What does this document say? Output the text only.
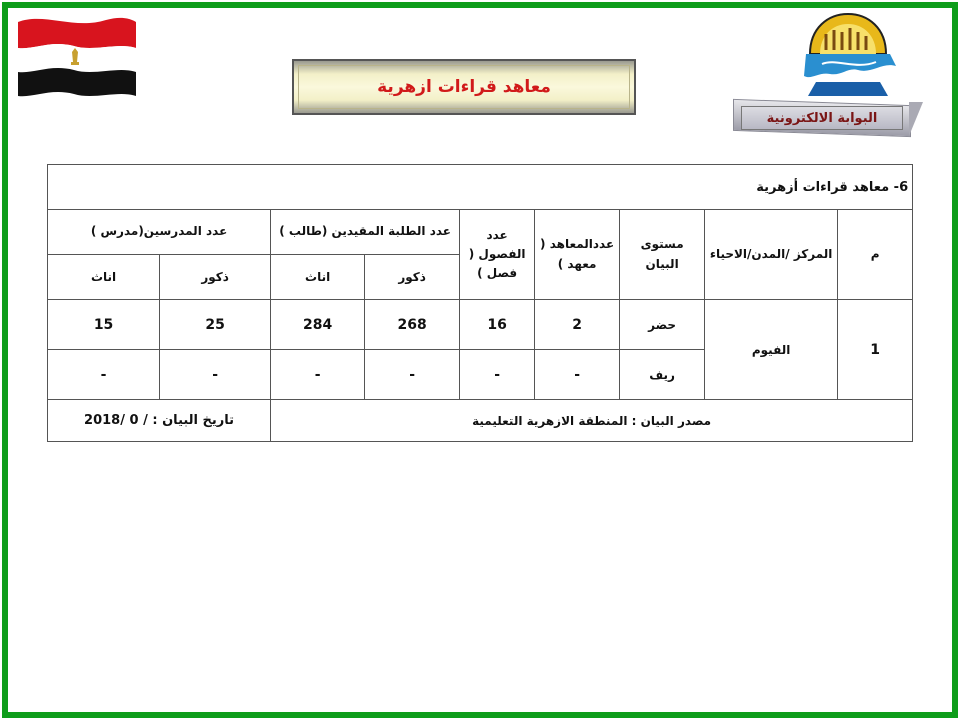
معاهد قراءات ازهرية
البوابة الالكترونية
6- معاهد قراءات أزهرية								
م	المركز /المدن/الاحياء	مستوى البيان	عددالمعاهد ( معهد )	عدد الفصول ( فصل )	عدد الطلبة المقيدين (طالب )		عدد المدرسين(مدرس )	
					ذكور	اناث	ذكور	اناث
1	الفيوم	حضر	2	16	268	284	25	15
		ريف	-	-	-	-	-	-
مصدر البيان : المنطقة الازهرية التعليمية							تاريخ البيان : / 0 /2018	
